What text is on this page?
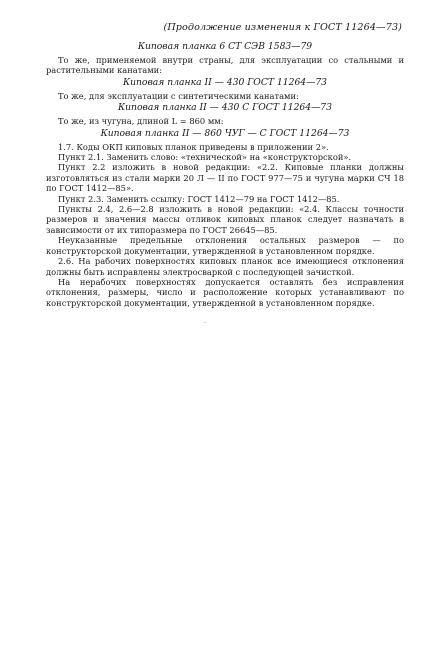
(Продолжение изменения к ГОСТ 11264—73)
Киповая планка 6 СТ СЭВ 1583—79

То же, применяемой внутри страны, для эксплуатации со стальными и растительными канатами:

Киповая планка II — 430 ГОСТ 11264—73

То же, для эксплуатации с синтетическими канатами:

Киповая планка II — 430 С ГОСТ 11264—73

То же, из чугуна, длиной L = 860 мм:

Киповая планка II — 860 ЧУГ — С ГОСТ 11264—73

1.7. Коды ОКП киповых планок приведены в приложении 2».

Пункт 2.1. Заменить слово: «технической» на «конструкторской».

Пункт 2.2 изложить в новой редакции: «2.2. Киповые планки должны изготовляться из стали марки 20 Л — II по ГОСТ 977—75 и чугуна марки СЧ 18 по ГОСТ 1412—85».

Пункт 2.3. Заменить ссылку: ГОСТ 1412—79 на ГОСТ 1412—85.

Пункты 2.4, 2.6—2.8 изложить в новой редакции: «2.4. Классы точности размеров и значения массы отливок киповых планок следует назначать в зависимости от их типоразмера по ГОСТ 26645—85.

Неуказанные предельные отклонения остальных размеров — по конструкторской документации, утвержденной в установленном порядке.

2.6. На рабочих поверхностях киповых планок все имеющиеся отклонения должны быть исправлены электросваркой с последующей зачисткой.

На нерабочих поверхностях допускается оставлять без исправления отклонения, размеры, число и расположение которых устанавливают по конструкторской документации, утвержденной в установленном порядке.

·
